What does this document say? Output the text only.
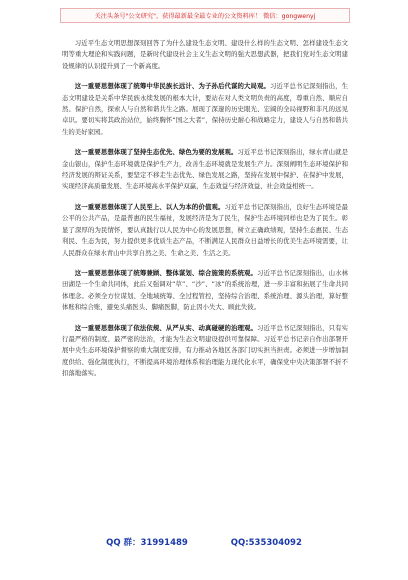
关注头条号"公文研究"，获得最新最全最专业的公文资料库！ 微信：gongwenyj

习近平生态文明思想深刻回答了为什么建设生态文明、建设什么样的生态文明、怎样建设生态文明等重大理论和实践问题，是新时代建设社会主义生态文明的强大思想武器，把我们党对生态文明建设规律的认识提升到了一个新高度。

这一重要思想体现了统筹中华民族长远计、为子孙后代谋的大局观。习近平总书记深刻指出，生态文明建设是关系中华民族永续发展的根本大计，要站在对人类文明负责的高度，尊重自然、顺应自然、保护自然，探索人与自然和谐共生之路。展现了深邃的历史眼光、宏阔的全局视野和非凡的远见卓识。要切实将其政治站位，始终胸怀“国之大者”，保持历史耐心和战略定力，建设人与自然和谐共生的美好家园。

这一重要思想体现了坚持生态优先、绿色为要的发展观。习近平总书记深刻指出，绿水青山就是金山银山，保护生态环境就是保护生产力，改善生态环境就是发展生产力。深刻阐明生态环境保护和经济发展的辩证关系，要坚定不移走生态优先、绿色发展之路，坚持在发展中保护、在保护中发展，实现经济高质量发展、生态环境高水平保护双赢，生态效益与经济效益、社会效益相统一。

这一重要思想体现了人民至上、以人为本的价值观。习近平总书记深刻指出，良好生态环境是最公平的公共产品，是最普惠的民生福祉，发展经济是为了民生，保护生态环境同样也是为了民生。彰显了深厚的为民情怀，要认真践行以人民为中心的发展思想，树立正确政绩观，坚持生态惠民、生态利民、生态为民，努力提供更多优质生态产品，不断满足人民群众日益增长的优美生态环境需要，让人民群众在绿水青山中共享自然之美、生命之美、生活之美。

这一重要思想体现了统筹兼顾、整体谋划、综合施策的系统观。习近平总书记深刻指出，山水林田湖是一个生命共同体，此后又强调对“草”、“沙”、“冰”的系统治理，进一步丰富和拓展了生命共同体理念。必须全方位谋划、全地域统筹、全过程管控，坚持综合治理、系统治理、源头治理，算好整体账和综合账，避免头痛医头、脚痛医脚，防止因小失大、顾此失彼。

这一重要思想体现了依法依规、从严从实、动真碰硬的治理观。习近平总书记深刻指出，只有实行最严格的制度、最严密的法治，才能为生态文明建设提供可靠保障。习近平总书记亲自作出部署开展中央生态环境保护督察的重大制度安排，有力推动各地区各部门切实担当担责。必须进一步增加制度供给、强化制度执行，不断提高环境治理体系和治理能力现代化水平，确保党中央决策部署不折不扣落地落实。

QQ 群：31991489	QQ:535304092
